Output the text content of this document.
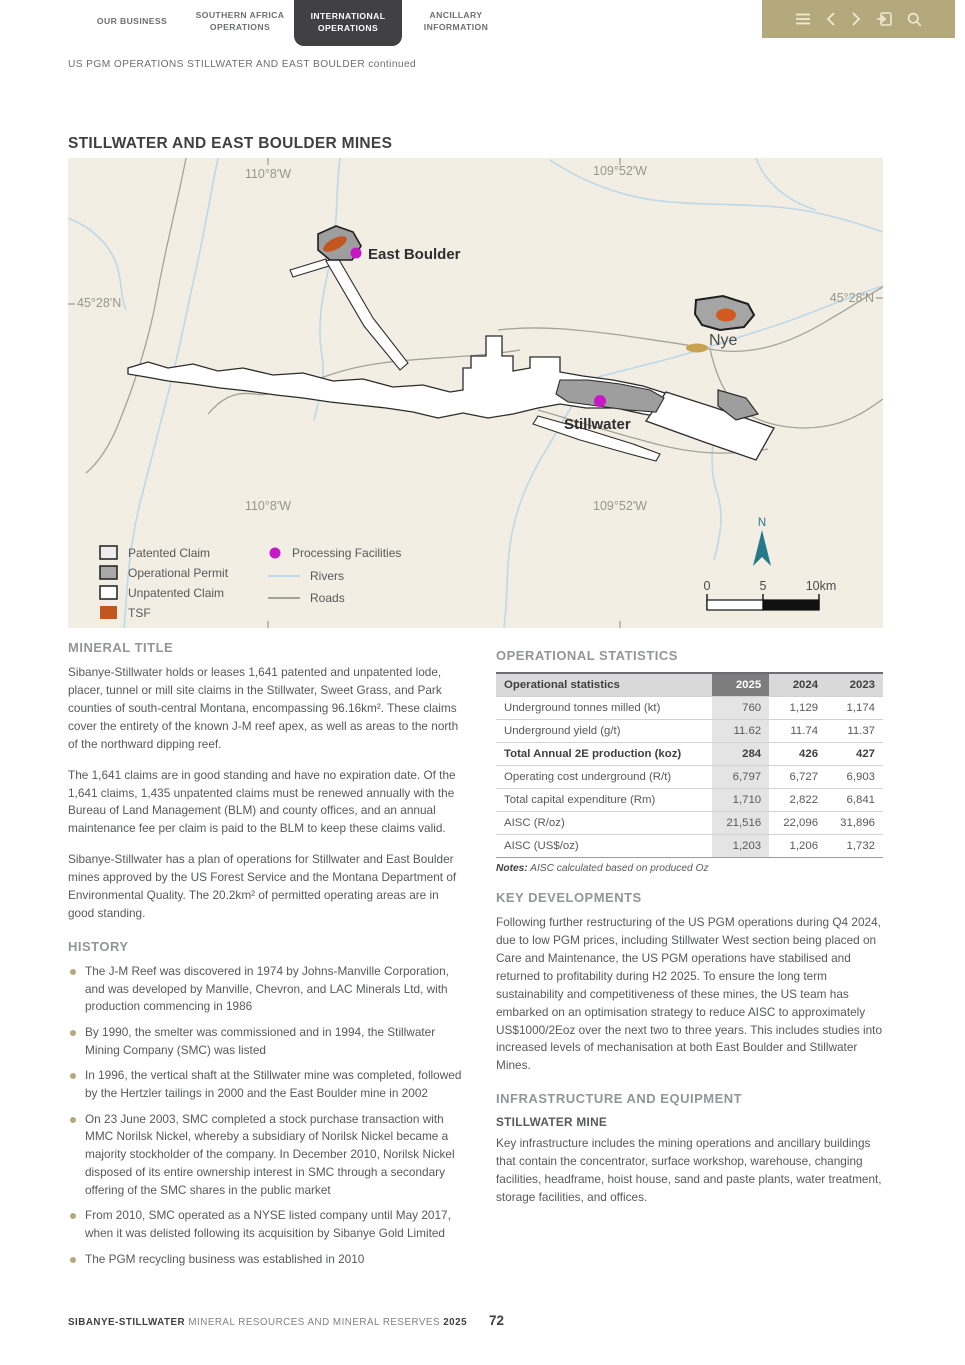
OUR BUSINESS
SOUTHERN AFRICA OPERATIONS
INTERNATIONAL OPERATIONS
ANCILLARY INFORMATION
US PGM OPERATIONS STILLWATER AND EAST BOULDER continued
STILLWATER AND EAST BOULDER MINES
East Boulder
Nye
Stillwater
110°8'W	109°52'W
45°28'N	45°28'N
110°8'W	109°52'W
Patented Claim
Operational Permit
Unpatented Claim
TSF
Processing Facilities
Rivers
Roads
N
0	5	10km
MINERAL TITLE

Sibanye-Stillwater holds or leases 1,641 patented and unpatented lode, placer, tunnel or mill site claims in the Stillwater, Sweet Grass, and Park counties of south-central Montana, encompassing 96.16km². These claims cover the entirety of the known J-M reef apex, as well as areas to the north of the northward dipping reef.

The 1,641 claims are in good standing and have no expiration date. Of the 1,641 claims, 1,435 unpatented claims must be renewed annually with the Bureau of Land Management (BLM) and county offices, and an annual maintenance fee per claim is paid to the BLM to keep these claims valid.

Sibanye-Stillwater has a plan of operations for Stillwater and East Boulder mines approved by the US Forest Service and the Montana Department of Environmental Quality. The 20.2km² of permitted operating areas are in good standing.

HISTORY
The J-M Reef was discovered in 1974 by Johns-Manville Corporation, and was developed by Manville, Chevron, and LAC Minerals Ltd, with production commencing in 1986
By 1990, the smelter was commissioned and in 1994, the Stillwater Mining Company (SMC) was listed
In 1996, the vertical shaft at the Stillwater mine was completed, followed by the Hertzler tailings in 2000 and the East Boulder mine in 2002
On 23 June 2003, SMC completed a stock purchase transaction with MMC Norilsk Nickel, whereby a subsidiary of Norilsk Nickel became a majority stockholder of the company. In December 2010, Norilsk Nickel disposed of its entire ownership interest in SMC through a secondary offering of the SMC shares in the public market
From 2010, SMC operated as a NYSE listed company until May 2017, when it was delisted following its acquisition by Sibanye Gold Limited
The PGM recycling business was established in 2010
OPERATIONAL STATISTICS
Operational statistics	2025	2024	2023
Underground tonnes milled (kt)	760	1,129	1,174
Underground yield (g/t)	11.62	11.74	11.37
Total Annual 2E production (koz)	284	426	427
Operating cost underground (R/t)	6,797	6,727	6,903
Total capital expenditure (Rm)	1,710	2,822	6,841
AISC (R/oz)	21,516	22,096	31,896
AISC (US$/oz)	1,203	1,206	1,732

Notes: AISC calculated based on produced Oz

KEY DEVELOPMENTS

Following further restructuring of the US PGM operations during Q4 2024, due to low PGM prices, including Stillwater West section being placed on Care and Maintenance, the US PGM operations have stabilised and returned to profitability during H2 2025. To ensure the long term sustainability and competitiveness of these mines, the US team has embarked on an optimisation strategy to reduce AISC to approximately US$1000/2Eoz over the next two to three years. This includes studies into increased levels of mechanisation at both East Boulder and Stillwater Mines.

INFRASTRUCTURE AND EQUIPMENT
STILLWATER MINE

Key infrastructure includes the mining operations and ancillary buildings that contain the concentrator, surface workshop, warehouse, changing facilities, headframe, hoist house, sand and paste plants, water treatment, storage facilities, and offices.

SIBANYE-STILLWATER MINERAL RESOURCES AND MINERAL RESERVES 2025 72
